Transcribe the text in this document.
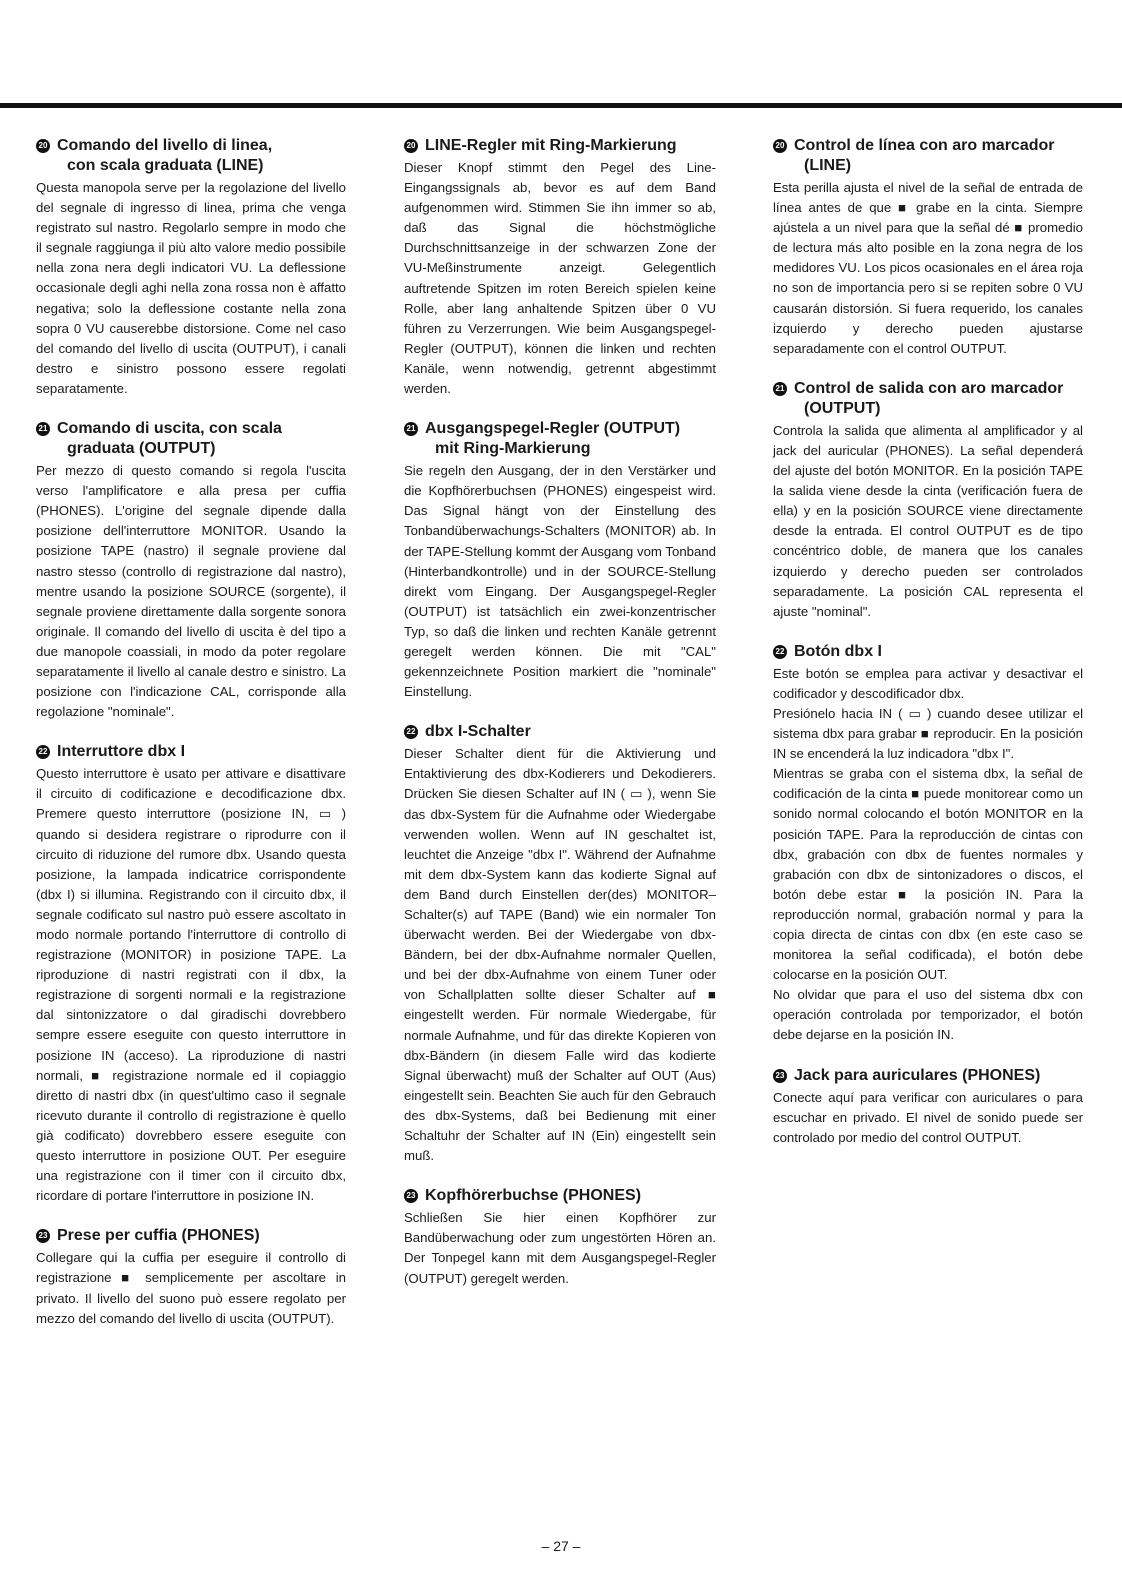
20 Comando del livello di linea,
con scala graduata (LINE)

Questa manopola serve per la regolazione del livello del segnale di ingresso di linea, prima che venga registrato sul nastro. Regolarlo sempre in modo che il segnale raggiunga il più alto valore medio possibile nella zona nera degli indicatori VU. La deflessione occasionale degli aghi nella zona rossa non è affatto negativa; solo la deflessione costante nella zona sopra 0 VU causerebbe distorsione. Come nel caso del comando del livello di uscita (OUTPUT), i canali destro e sinistro possono essere regolati separatamente.

21 Comando di uscita, con scala
graduata (OUTPUT)

Per mezzo di questo comando si regola l'uscita verso l'amplificatore e alla presa per cuffia (PHONES). L'origine del segnale dipende dalla posizione dell'interruttore MONITOR. Usando la posizione TAPE (nastro) il segnale proviene dal nastro stesso (controllo di registrazione dal nastro), mentre usando la posizione SOURCE (sorgente), il segnale proviene direttamente dalla sorgente sonora originale. Il comando del livello di uscita è del tipo a due manopole coassiali, in modo da poter regolare separatamente il livello al canale destro e sinistro. La posizione con l'indicazione CAL, corrisponde alla regolazione "nominale".

22 Interruttore dbx I

Questo interruttore è usato per attivare e disattivare il circuito di codificazione e decodificazione dbx. Premere questo interruttore (posizione IN, ▭ ) quando si desidera registrare o riprodurre con il circuito di riduzione del rumore dbx. Usando questa posizione, la lampada indicatrice corrispondente (dbx I) si illumina. Registrando con il circuito dbx, il segnale codificato sul nastro può essere ascoltato in modo normale portando l'interruttore di controllo di registrazione (MONITOR) in posizione TAPE. La riproduzione di nastri registrati con il dbx, la registrazione di sorgenti normali e la registrazione dal sintonizzatore o dal giradischi dovrebbero sempre essere eseguite con questo interruttore in posizione IN (acceso). La riproduzione di nastri normali, ■ registrazione normale ed il copiaggio diretto di nastri dbx (in quest'ultimo caso il segnale ricevuto durante il controllo di registrazione è quello già codificato) dovrebbero essere eseguite con questo interruttore in posizione OUT. Per eseguire una registrazione con il timer con il circuito dbx, ricordare di portare l'interruttore in posizione IN.

23 Prese per cuffia (PHONES)

Collegare qui la cuffia per eseguire il controllo di registrazione ■ semplicemente per ascoltare in privato. Il livello del suono può essere regolato per mezzo del comando del livello di uscita (OUTPUT).

20 LINE-Regler mit Ring-Markierung

Dieser Knopf stimmt den Pegel des Line-Eingangssignals ab, bevor es auf dem Band aufgenommen wird. Stimmen Sie ihn immer so ab, daß das Signal die höchstmögliche Durchschnittsanzeige in der schwarzen Zone der VU-Meßinstrumente anzeigt. Gelegentlich auftretende Spitzen im roten Bereich spielen keine Rolle, aber lang anhaltende Spitzen über 0 VU führen zu Verzerrungen. Wie beim Ausgangspegel-Regler (OUTPUT), können die linken und rechten Kanäle, wenn notwendig, getrennt abgestimmt werden.

21 Ausgangspegel-Regler (OUTPUT)
mit Ring-Markierung

Sie regeln den Ausgang, der in den Verstärker und die Kopfhörerbuchsen (PHONES) eingespeist wird. Das Signal hängt von der Einstellung des Tonbandüberwachungs-Schalters (MONITOR) ab. In der TAPE-Stellung kommt der Ausgang vom Tonband (Hinterbandkontrolle) und in der SOURCE-Stellung direkt vom Eingang. Der Ausgangspegel-Regler (OUTPUT) ist tatsächlich ein zwei-konzentrischer Typ, so daß die linken und rechten Kanäle getrennt geregelt werden können. Die mit "CAL" gekennzeichnete Position markiert die "nominale" Einstellung.

22 dbx I-Schalter

Dieser Schalter dient für die Aktivierung und Entaktivierung des dbx-Kodierers und Dekodierers. Drücken Sie diesen Schalter auf IN ( ▭ ), wenn Sie das dbx-System für die Aufnahme oder Wiedergabe verwenden wollen. Wenn auf IN geschaltet ist, leuchtet die Anzeige "dbx I". Während der Aufnahme mit dem dbx-System kann das kodierte Signal auf dem Band durch Einstellen der(des) MONITOR–Schalter(s) auf TAPE (Band) wie ein normaler Ton überwacht werden. Bei der Wiedergabe von dbx-Bändern, bei der dbx-Aufnahme normaler Quellen, und bei der dbx-Aufnahme von einem Tuner oder von Schallplatten sollte dieser Schalter auf ■ eingestellt werden. Für normale Wiedergabe, für normale Aufnahme, und für das direkte Kopieren von dbx-Bändern (in diesem Falle wird das kodierte Signal überwacht) muß der Schalter auf OUT (Aus) eingestellt sein. Beachten Sie auch für den Gebrauch des dbx-Systems, daß bei Bedienung mit einer Schaltuhr der Schalter auf IN (Ein) eingestellt sein muß.

23 Kopfhörerbuchse (PHONES)

Schließen Sie hier einen Kopfhörer zur Bandüberwachung oder zum ungestörten Hören an. Der Tonpegel kann mit dem Ausgangspegel-Regler (OUTPUT) geregelt werden.

20 Control de línea con aro marcador
(LINE)

Esta perilla ajusta el nivel de la señal de entrada de línea antes de que ■ grabe en la cinta. Siempre ajústela a un nivel para que la señal dé ■ promedio de lectura más alto posible en la zona negra de los medidores VU. Los picos ocasionales en el área roja no son de importancia pero si se repiten sobre 0 VU causarán distorsión. Si fuera requerido, los canales izquierdo y derecho pueden ajustarse separadamente con el control OUTPUT.

21 Control de salida con aro marcador
(OUTPUT)

Controla la salida que alimenta al amplificador y al jack del auricular (PHONES). La señal dependerá del ajuste del botón MONITOR. En la posición TAPE la salida viene desde la cinta (verificación fuera de ella) y en la posición SOURCE viene directamente desde la entrada. El control OUTPUT es de tipo concéntrico doble, de manera que los canales izquierdo y derecho pueden ser controlados separadamente. La posición CAL representa el ajuste "nominal".

22 Botón dbx I

Este botón se emplea para activar y desactivar el codificador y descodificador dbx.

Presiónelo hacia IN ( ▭ ) cuando desee utilizar el sistema dbx para grabar ■ reproducir. En la posición IN se encenderá la luz indicadora "dbx I".

Mientras se graba con el sistema dbx, la señal de codificación de la cinta ■ puede monitorear como un sonido normal colocando el botón MONITOR en la posición TAPE. Para la reproducción de cintas con dbx, grabación con dbx de fuentes normales y grabación con dbx de sintonizadores o discos, el botón debe estar ■ la posición IN. Para la reproducción normal, grabación normal y para la copia directa de cintas con dbx (en este caso se monitorea la señal codificada), el botón debe colocarse en la posición OUT.

No olvidar que para el uso del sistema dbx con operación controlada por temporizador, el botón debe dejarse en la posición IN.

23 Jack para auriculares (PHONES)

Conecte aquí para verificar con auriculares o para escuchar en privado. El nivel de sonido puede ser controlado por medio del control OUTPUT.

– 27 –
